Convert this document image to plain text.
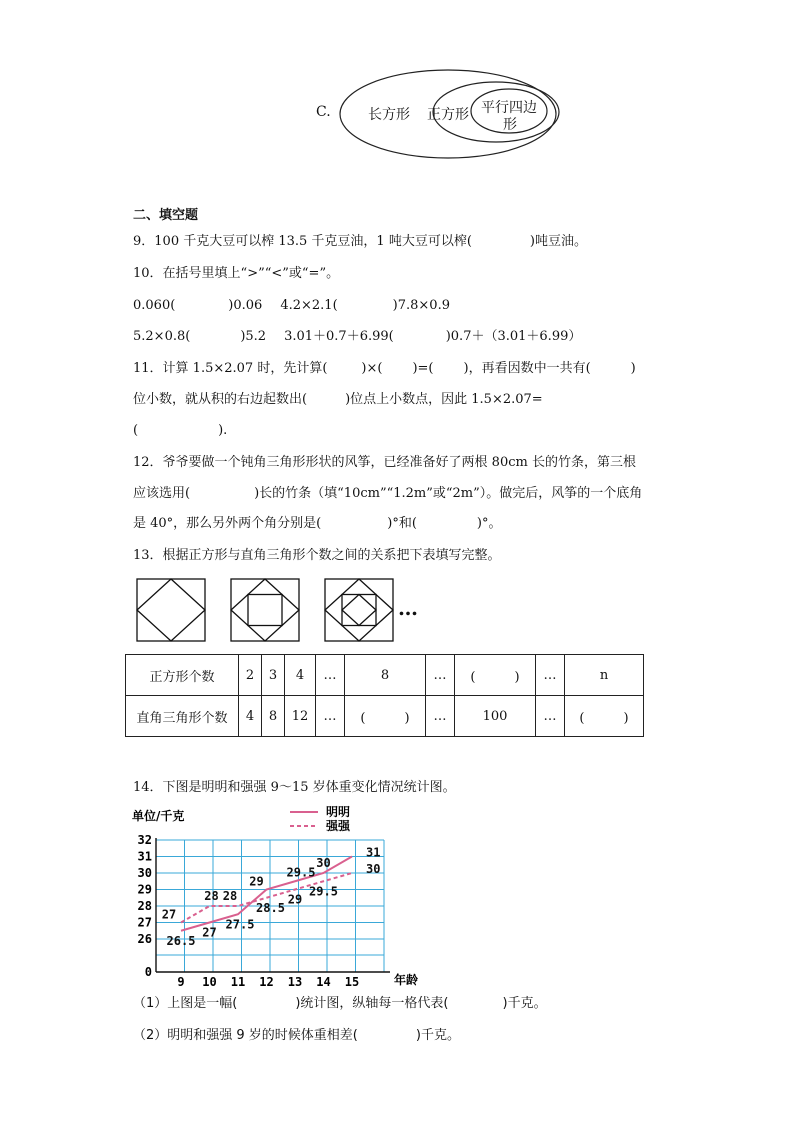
C.	长方形 正方形 平行四边
形
二、填空题
9．100 千克大豆可以榨 13.5 千克豆油，1 吨大豆可以榨(	)吨豆油。
10．在括号里填上“>”“<”或“=”。
0.060(	)0.06 4.2×2.1(	)7.8×0.9
5.2×0.8(	)5.2 3.01＋0.7＋6.99(	)0.7＋（3.01＋6.99）
11．计算 1.5×2.07 时，先计算(	)×( )=( )，再看因数中一共有(	)
位小数，就从积的右边起数出(	)位点上小数点，因此 1.5×2.07=
(	).
12．爷爷要做一个钝角三角形形状的风筝，已经准备好了两根 80cm 长的竹条，第三根
应该选用(	)长的竹条（填“10cm”“1.2m”或“2m”）。做完后，风筝的一个底角
是 40°，那么另外两个角分别是(	)°和(	)°。
13．根据正方形与直角三角形个数之间的关系把下表填写完整。
…
正方形个数	2	3	4	…	8	…	(　　　)	…	n
直角三角形个数	4	8	12	…	(　　　)	…	100	…	(　　　)
14．下图是明明和强强 9～15 岁体重变化情况统计图。
0
26
27
28
29
30
31
32
9 10 11 12 13 14 15
单位/千克
年龄
明明
强强
26.5
27
27.5
29
29.5
30
31
27
28 28
28.5
29
29.5
30
（1）上图是一幅(	)统计图，纵轴每一格代表(	)千克。
（2）明明和强强 9 岁的时候体重相差(	)千克。
